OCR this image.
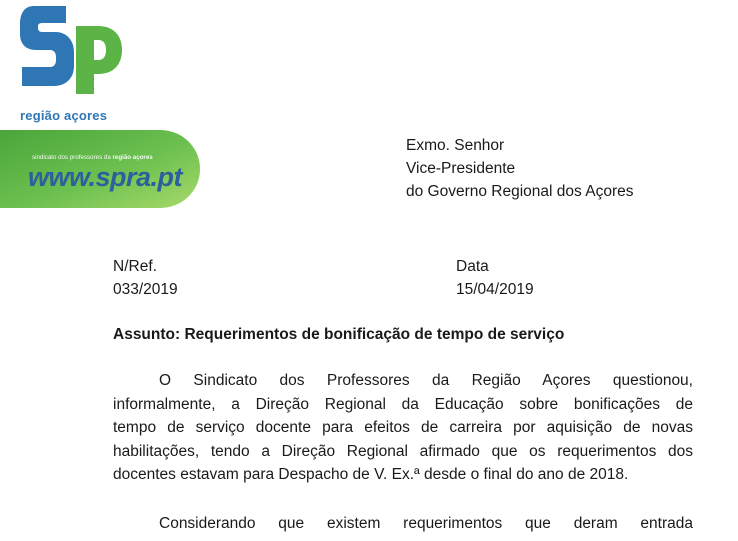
região açores
sindicato dos professores da região açores
www.spra.pt
Exmo. Senhor
Vice-Presidente
do Governo Regional dos Açores
N/Ref.
033/2019
Data
15/04/2019
Assunto: Requerimentos de bonificação de tempo de serviço
O Sindicato dos Professores da Região Açores questionou,
informalmente, a Direção Regional da Educação sobre bonificações de
tempo de serviço docente para efeitos de carreira por aquisição de novas
habilitações, tendo a Direção Regional afirmado que os requerimentos dos
docentes estavam para Despacho de V. Ex.ª desde o final do ano de 2018.
Considerando que existem requerimentos que deram entrada
